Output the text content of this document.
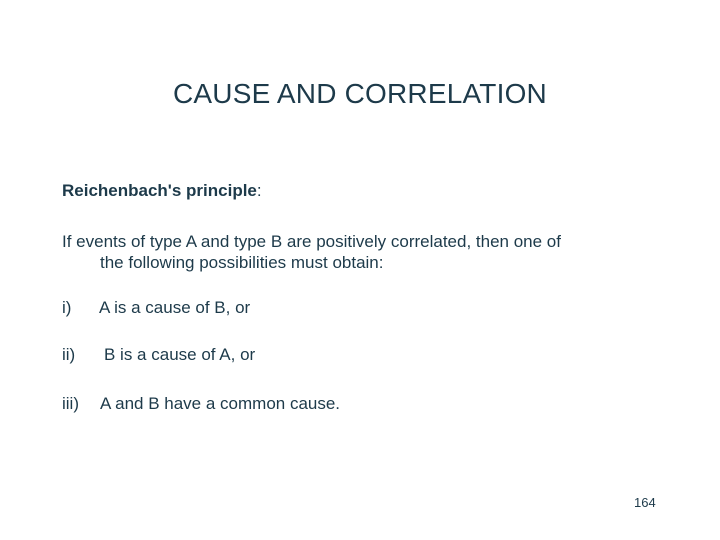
CAUSE AND CORRELATION
Reichenbach's principle:
If events of type A and type B are positively correlated, then one of
the following possibilities must obtain:
i) A is a cause of B, or
ii) B is a cause of A, or
iii) A and B have a common cause.
164
